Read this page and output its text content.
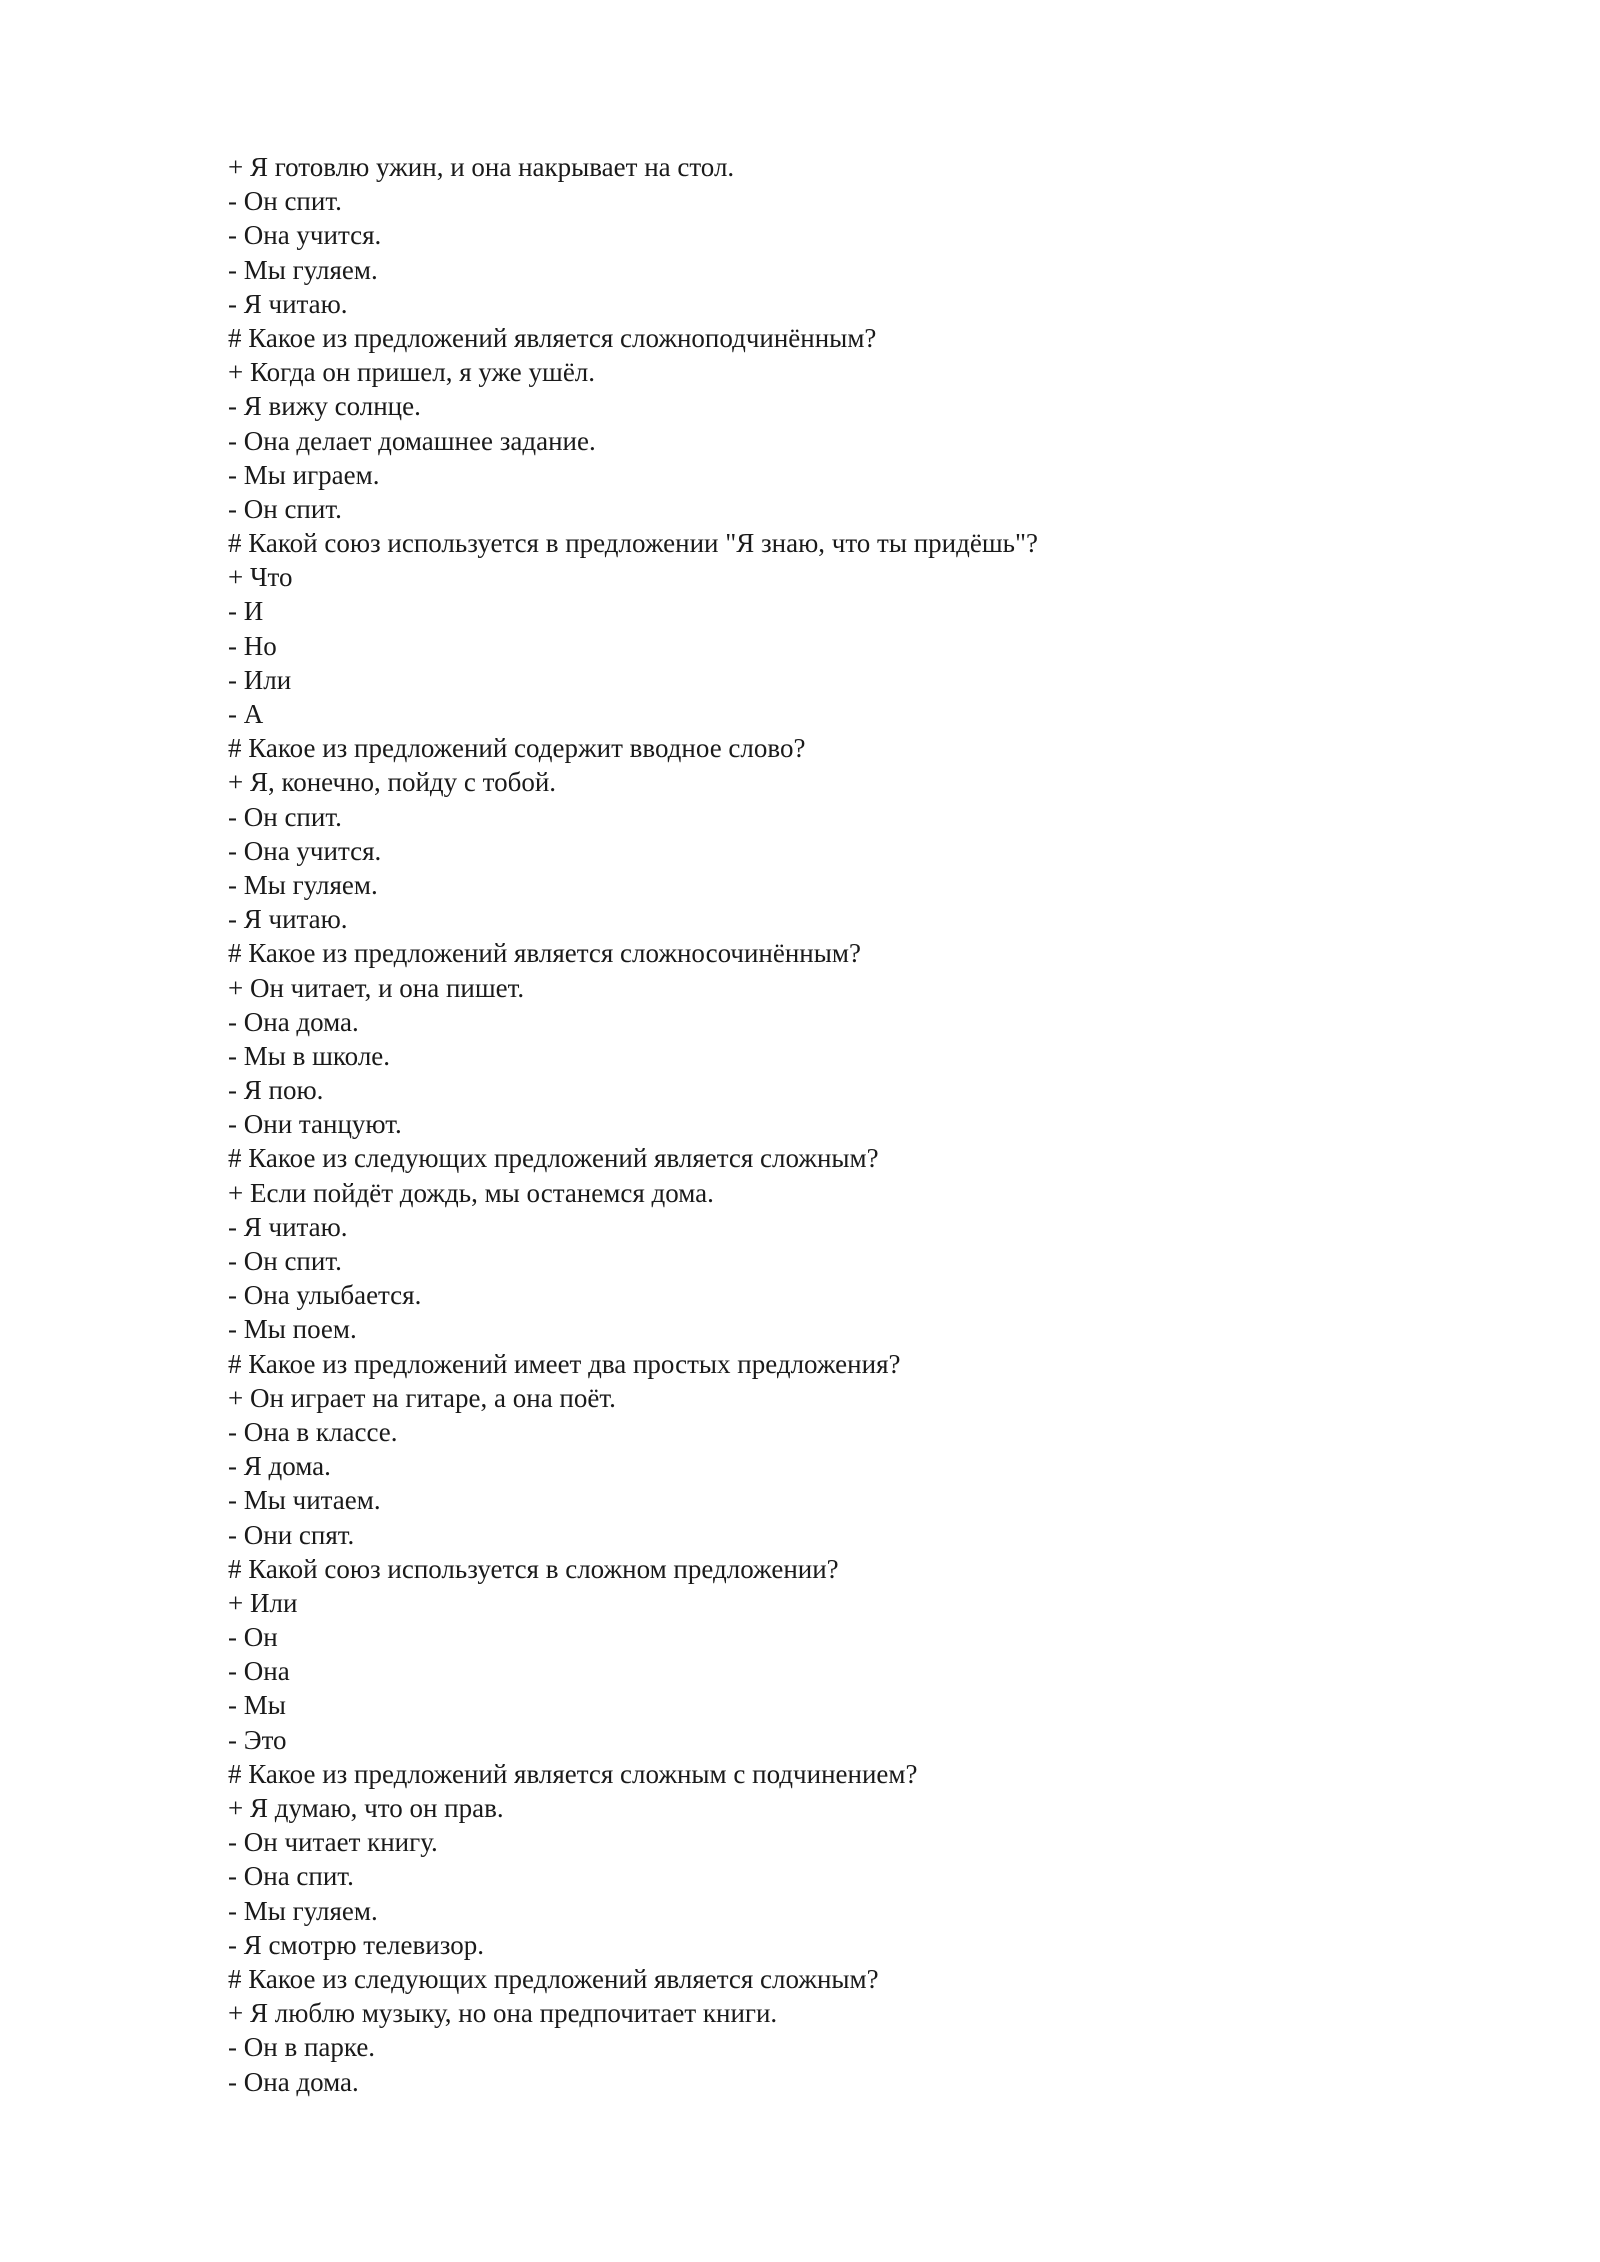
+ Я готовлю ужин, и она накрывает на стол.
- Он спит.
- Она учится.
- Мы гуляем.
- Я читаю.
# Какое из предложений является сложноподчинённым?
+ Когда он пришел, я уже ушёл.
- Я вижу солнце.
- Она делает домашнее задание.
- Мы играем.
- Он спит.
# Какой союз используется в предложении "Я знаю, что ты придёшь"?
+ Что
- И
- Но
- Или
- А
# Какое из предложений содержит вводное слово?
+ Я, конечно, пойду с тобой.
- Он спит.
- Она учится.
- Мы гуляем.
- Я читаю.
# Какое из предложений является сложносочинённым?
+ Он читает, и она пишет.
- Она дома.
- Мы в школе.
- Я пою.
- Они танцуют.
# Какое из следующих предложений является сложным?
+ Если пойдёт дождь, мы останемся дома.
- Я читаю.
- Он спит.
- Она улыбается.
- Мы поем.
# Какое из предложений имеет два простых предложения?
+ Он играет на гитаре, а она поёт.
- Она в классе.
- Я дома.
- Мы читаем.
- Они спят.
# Какой союз используется в сложном предложении?
+ Или
- Он
- Она
- Мы
- Это
# Какое из предложений является сложным с подчинением?
+ Я думаю, что он прав.
- Он читает книгу.
- Она спит.
- Мы гуляем.
- Я смотрю телевизор.
# Какое из следующих предложений является сложным?
+ Я люблю музыку, но она предпочитает книги.
- Он в парке.
- Она дома.
